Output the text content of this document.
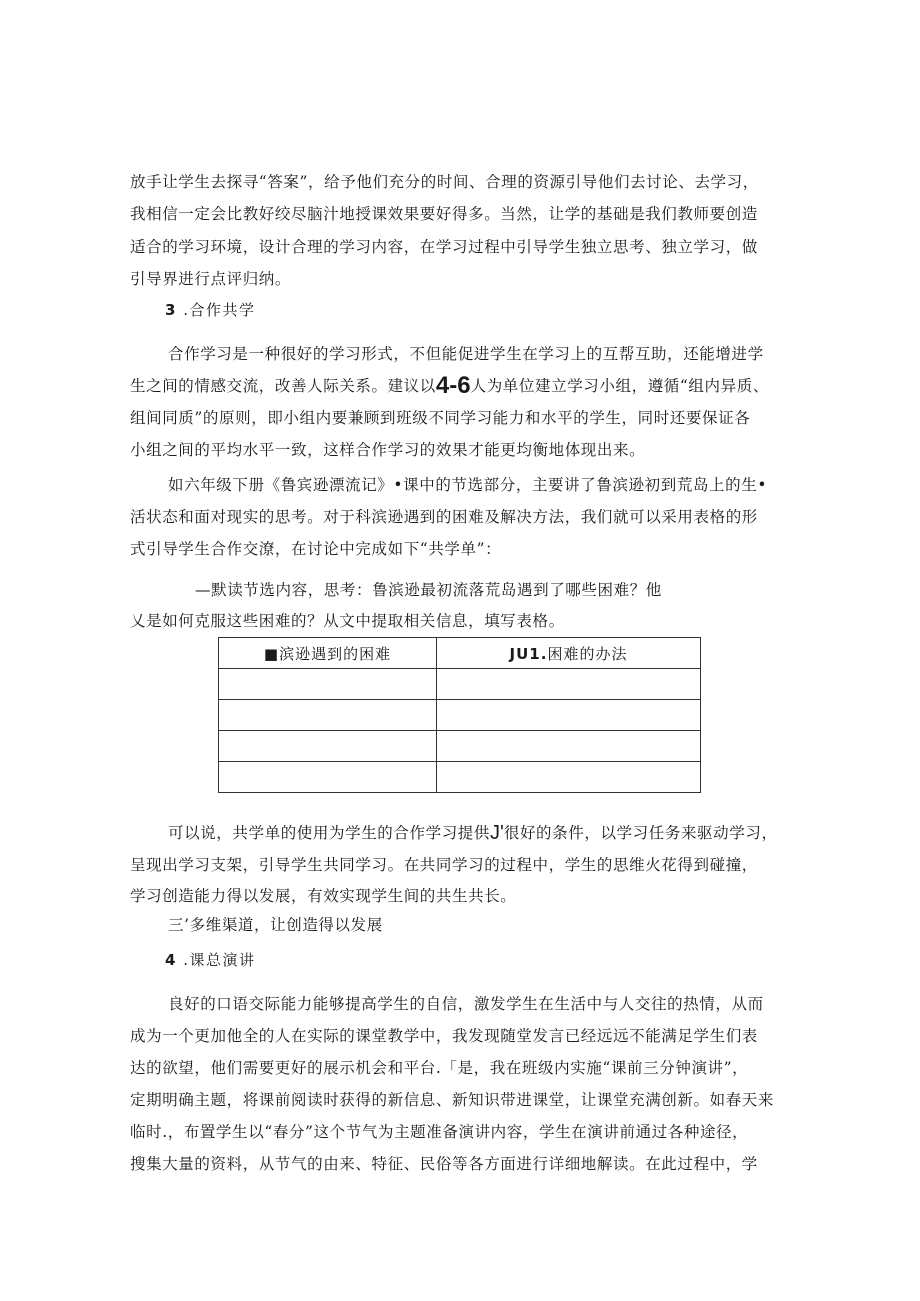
放手让学生去探寻“答案”，给予他们充分的时间、合理的资源引导他们去讨论、去学习，
我相信一定会比教好绞尽脑汁地授课效果要好得多。当然，让学的基础是我们教师要创造
适合的学习环境，设计合理的学习内容，在学习过程中引导学生独立思考、独立学习，做
引导界进行点评归纳。
3 .合作共学
合作学习是一种很好的学习形式，不但能促进学生在学习上的互帮互助，还能增进学
生之间的情感交流，改善人际关系。建议以4-6人为单位建立学习小组，遵循“组内异质、
组间同质”的原则，即小组内要兼顾到班级不同学习能力和水平的学生，同时还要保证各
小组之间的平均水平一致，这样合作学习的效果才能更均衡地体现出来。
如六年级下册《鲁宾逊漂流记》•课中的节选部分，主要讲了鲁滨逊初到荒岛上的生•
活状态和面对现实的思考。对于科滨逊遇到的困难及解决方法，我们就可以采用表格的形
式引导学生合作交潦，在讨论中完成如下“共学单”：
—默读节选内容，思考：鲁滨逊最初流落荒岛遇到了哪些困难？他
乂是如何克服这些困难的？从文中提取相关信息，填写表格。
■滨逊遇到的困难	JU1.困难的办法

可以说，共学单的使用为学生的合作学习提供J'很好的条件，以学习任务来驱动学习，
呈现出学习支架，引导学生共同学习。在共同学习的过程中，学生的思维火花得到碰撞，
学习创造能力得以发展，有效实现学生间的共生共长。
三’多维渠道，让创造得以发展
4 .课总演讲
良好的口语交际能力能够提高学生的自信，激发学生在生活中与人交往的热情，从而
成为一个更加他全的人在实际的课堂教学中，我发现随堂发言已经远远不能满足学生们表
达的欲望，他们需要更好的展示机会和平台.「是，我在班级内实施“课前三分钟演讲”，
定期明确主题，将课前阅读时获得的新信息、新知识带进课堂，让课堂充满创新。如春天来
临时.，布置学生以“春分”这个节气为主题准备演讲内容，学生在演讲前通过各种途径，
搜集大量的资料，从节气的由来、特征、民俗等各方面进行详细地解读。在此过程中，学
